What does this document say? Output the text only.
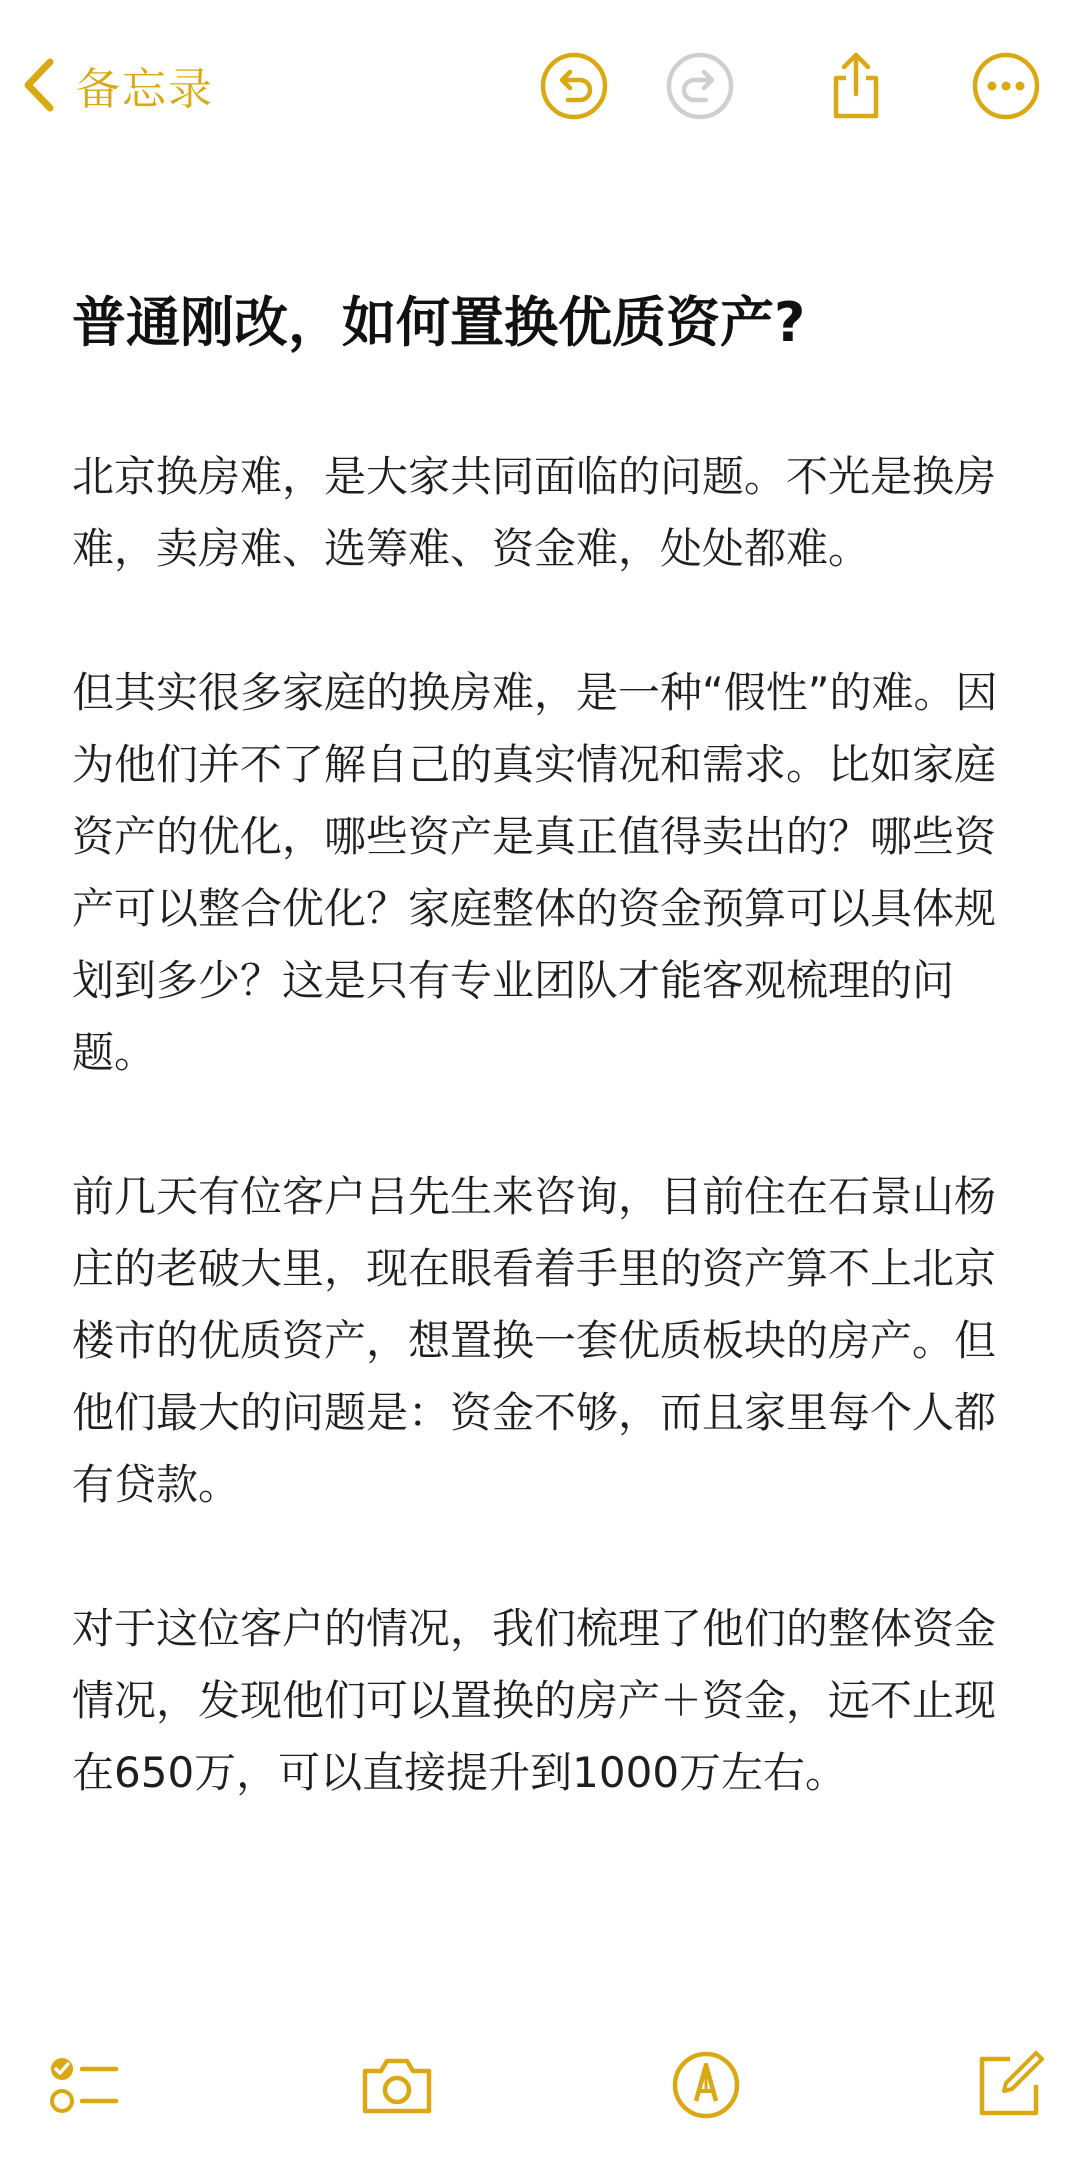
备忘录
普通刚改，如何置换优质资产?

北京换房难，是大家共同面临的问题。不光是换房难，卖房难、选筹难、资金难，处处都难。

但其实很多家庭的换房难，是一种“假性”的难。因为他们并不了解自己的真实情况和需求。比如家庭资产的优化，哪些资产是真正值得卖出的？哪些资产可以整合优化？家庭整体的资金预算可以具体规划到多少？这是只有专业团队才能客观梳理的问题。

前几天有位客户吕先生来咨询，目前住在石景山杨庄的老破大里，现在眼看着手里的资产算不上北京楼市的优质资产，想置换一套优质板块的房产。但他们最大的问题是：资金不够，而且家里每个人都有贷款。

对于这位客户的情况，我们梳理了他们的整体资金情况，发现他们可以置换的房产＋资金，远不止现在650万，可以直接提升到1000万左右。
